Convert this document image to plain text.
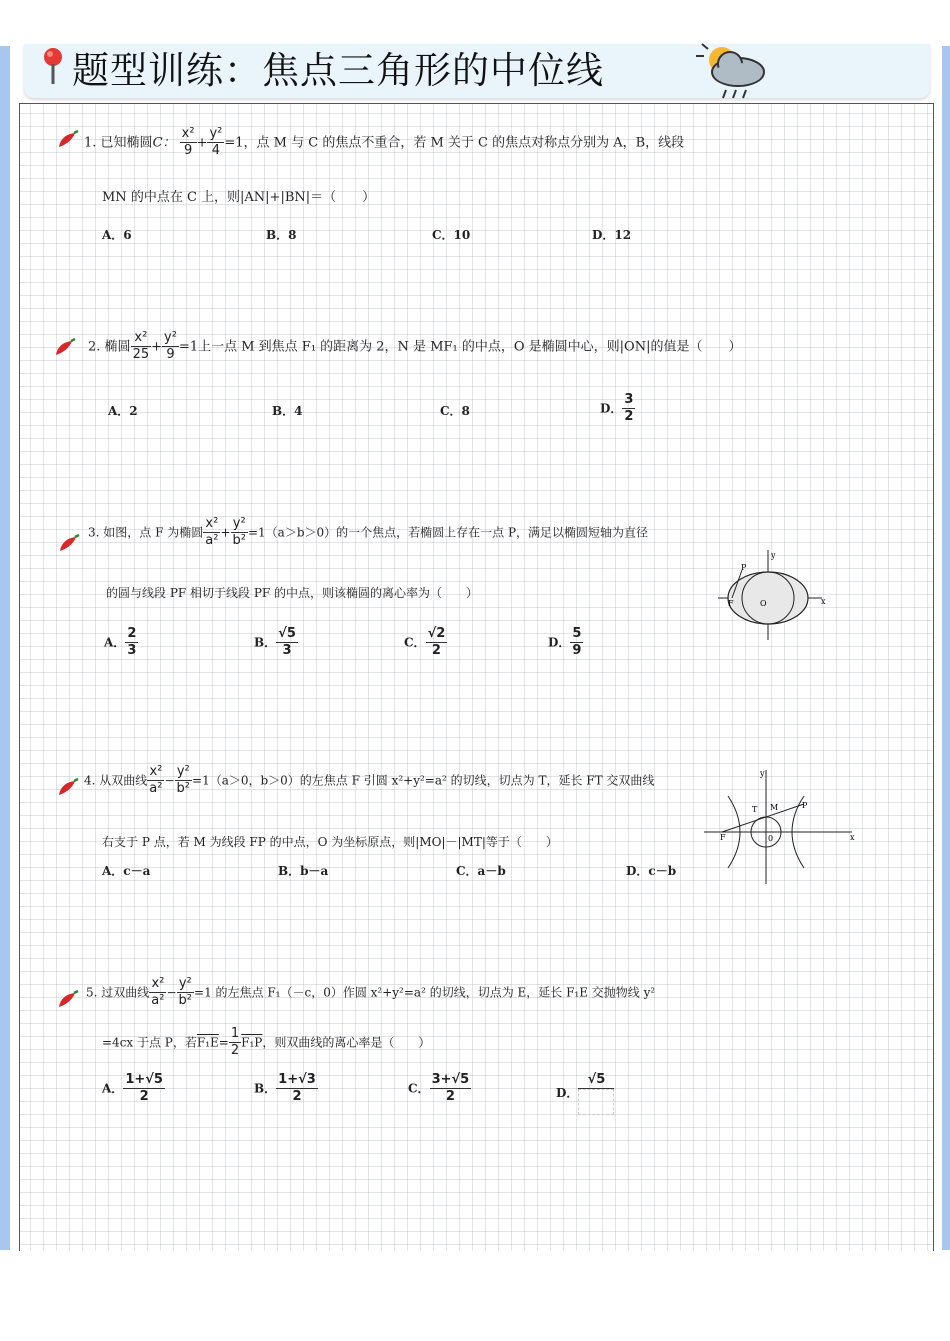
题型训练：焦点三角形的中位线
1. 已知椭圆C： $\frac{\text{x²}}{9} + \frac{\text{y²}}{4} =1$，点 M 与 C 的焦点不重合，若 M 关于 C 的焦点对称点分别为 A，B，线段
MN 的中点在 C 上，则|AN|+|BN|＝（　　）
A．6	B．8	C．10	D．12
2. 椭圆 $\frac{\text{x²}}{25} + \frac{\text{y²}}{9} =1$上一点 M 到焦点 F₁ 的距离为 2，N 是 MF₁ 的中点，O 是椭圆中心，则|ON|的值是（　　）
A．2	B．4	C．8	D． $\frac{3}{2}$
3. 如图，点 F 为椭圆 $\frac{\text{x²}}{\text{a²}} + \frac{\text{y²}}{\text{b²}} =1(a>b>0)$的一个焦点，若椭圆上存在一点 P，满足以椭圆短轴为直径
的圆与线段 PF 相切于线段 PF 的中点，则该椭圆的离心率为（　　）
A． $\frac{2}{3}$	B． $\frac{√5}{3}$	C． $\frac{√2}{2}$	D． $\frac{5}{9}$
y
x
O
P
F
4. 从双曲线 $\frac{\text{x²}}{\text{a²}} - \frac{\text{y²}}{\text{b²}} =1(a>0$，b＞0）的左焦点 F 引圆 x²+y²=a² 的切线，切点为 T，延长 FT 交双曲线
右支于 P 点，若 M 为线段 FP 的中点，O 为坐标原点，则|MO|－|MT|等于（　　）
A．c－a	B．b－a	C．a－b	D．c－b
y
x
0
T M	P
F
5. 过双曲线 $\frac{\text{x²}}{\text{a²}} - \frac{\text{y²}}{\text{b²}} =1$ 的左焦点 F₁（－c，0）作圆 x²+y²=a² 的切线，切点为 E，延长 F₁E 交抛物线 y²
=4cx 于点 P，若$F_1E= \frac{1}{2} F_1P$，则双曲线的离心率是（　　）
A． $\frac{1+√5}{2}$	B． $\frac{1+√3}{2}$	C． $\frac{3+√5}{2}$	D．
√5
